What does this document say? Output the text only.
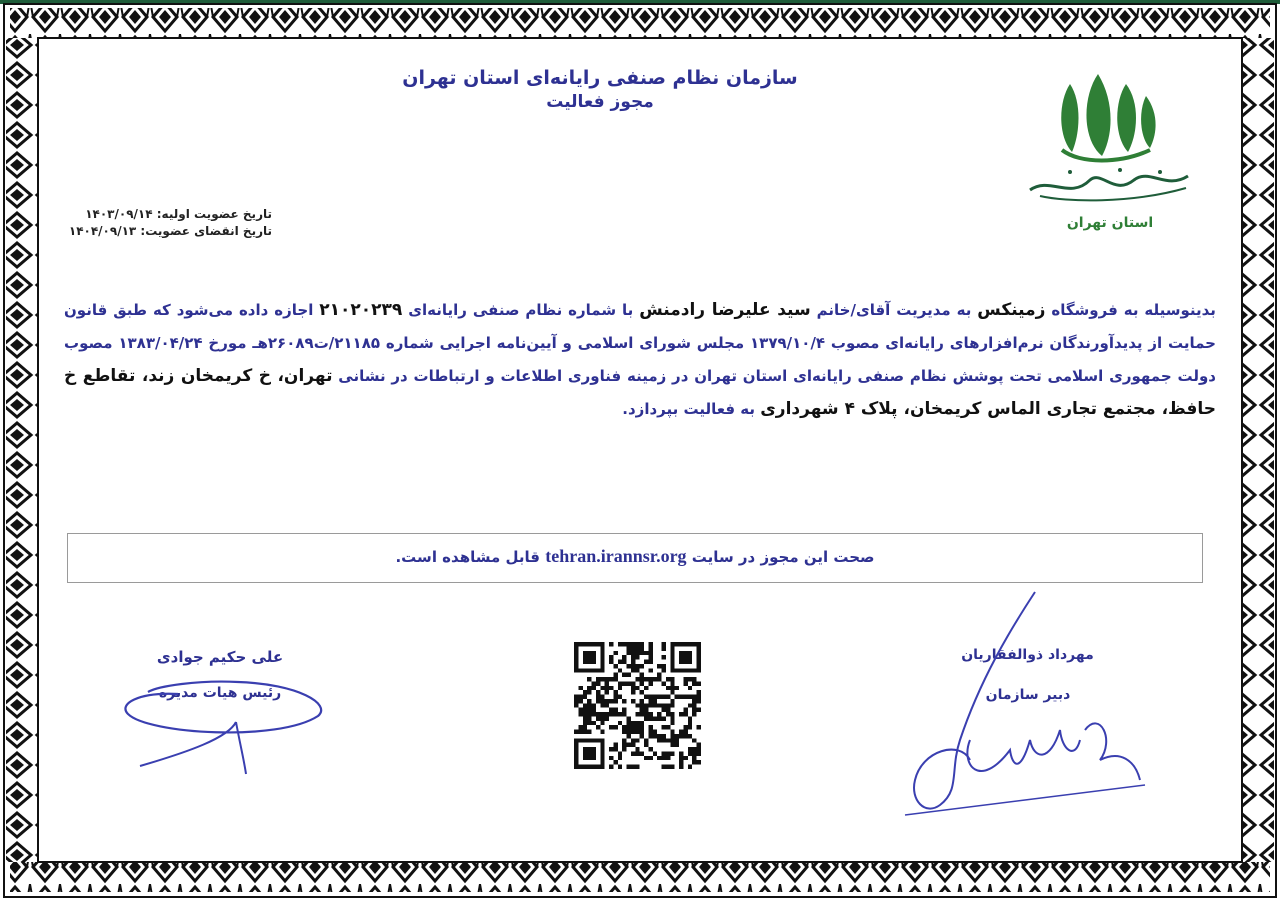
سازمان نظام صنفی رایانه‌ای استان تهران
مجوز فعالیت
استان تهران
تاریخ عضویت اولیه: ۱۴۰۳/۰۹/۱۴
تاریخ انقضای عضویت: ۱۴۰۴/۰۹/۱۳
بدینوسیله به فروشگاه زمینکس به مدیریت آقای/خانم سید علیرضا رادمنش با شماره نظام صنفی رایانه‌ای ۲۱۰۲۰۲۳۹ اجازه داده می‌شود که طبق قانون حمایت از پدیدآورندگان نرم‌افزارهای رایانه‌ای مصوب ۱۳۷۹/۱۰/۴ مجلس شورای اسلامی و آیین‌نامه اجرایی شماره ۲۱۱۸۵/ت۲۶۰۸۹هـ مورخ ۱۳۸۳/۰۴/۲۴ مصوب دولت جمهوری اسلامی تحت پوشش نظام صنفی رایانه‌ای استان تهران در زمینه فناوری اطلاعات و ارتباطات در نشانی تهران، خ کریمخان زند، تقاطع خ حافظ، مجتمع تجاری الماس کریمخان، پلاک ۴ شهرداری به فعالیت بپردازد.
صحت این مجوز در سایت tehran.irannsr.org قابل مشاهده است.
علی حکیم جوادی
رئیس هیات مدیره
مهرداد ذوالفقاریان
دبیر سازمان
